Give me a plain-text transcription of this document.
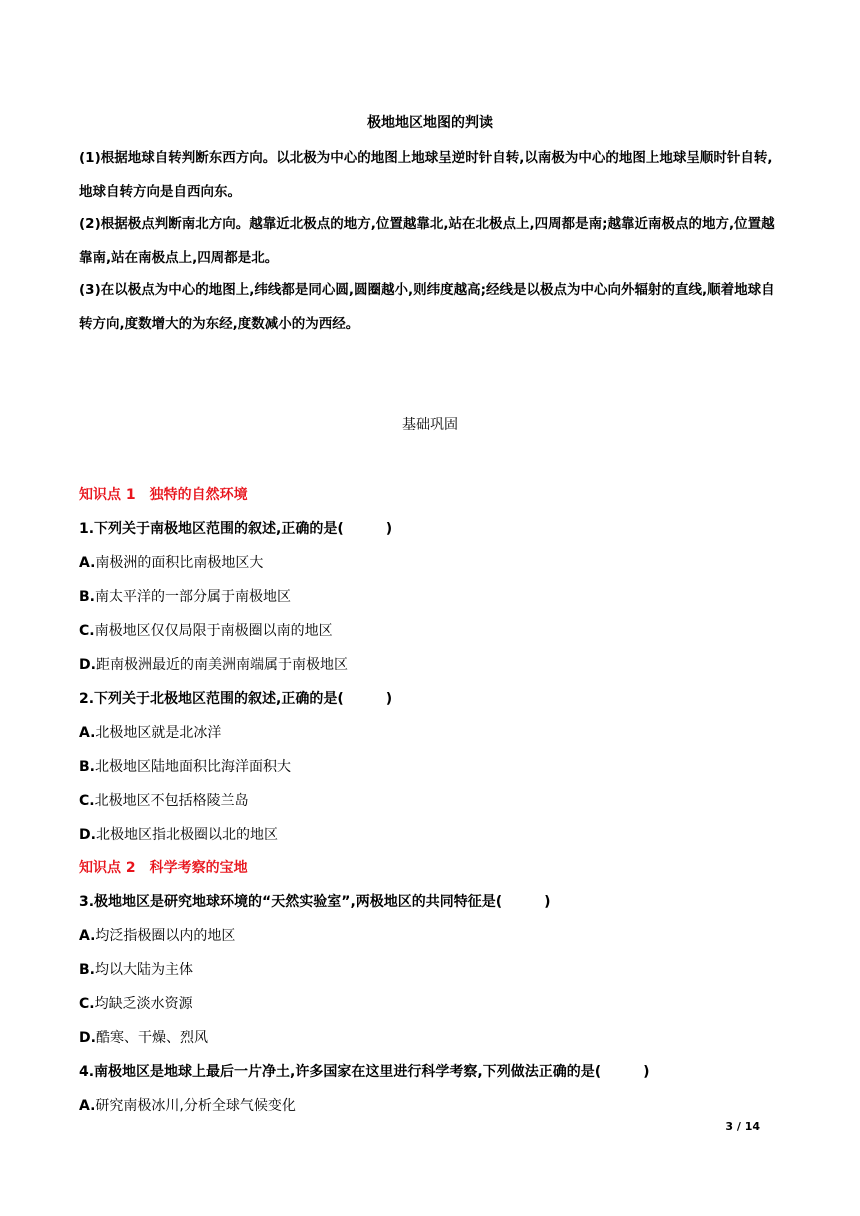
极地地区地图的判读
(1)根据地球自转判断东西方向。以北极为中心的地图上地球呈逆时针自转,以南极为中心的地图上地球呈顺时针自转,地球自转方向是自西向东。
(2)根据极点判断南北方向。越靠近北极点的地方,位置越靠北,站在北极点上,四周都是南;越靠近南极点的地方,位置越靠南,站在南极点上,四周都是北。
(3)在以极点为中心的地图上,纬线都是同心圆,圆圈越小,则纬度越高;经线是以极点为中心向外辐射的直线,顺着地球自转方向,度数增大的为东经,度数减小的为西经。
基础巩固
知识点 1　独特的自然环境
1.下列关于南极地区范围的叙述,正确的是(　　　)
A.南极洲的面积比南极地区大
B.南太平洋的一部分属于南极地区
C.南极地区仅仅局限于南极圈以南的地区
D.距南极洲最近的南美洲南端属于南极地区
2.下列关于北极地区范围的叙述,正确的是(　　　)
A.北极地区就是北冰洋
B.北极地区陆地面积比海洋面积大
C.北极地区不包括格陵兰岛
D.北极地区指北极圈以北的地区
知识点 2　科学考察的宝地
3.极地地区是研究地球环境的“天然实验室”,两极地区的共同特征是(　　　)
A.均泛指极圈以内的地区
B.均以大陆为主体
C.均缺乏淡水资源
D.酷寒、干燥、烈风
4.南极地区是地球上最后一片净土,许多国家在这里进行科学考察,下列做法正确的是(　　　)
A.研究南极冰川,分析全球气候变化
3 / 14
